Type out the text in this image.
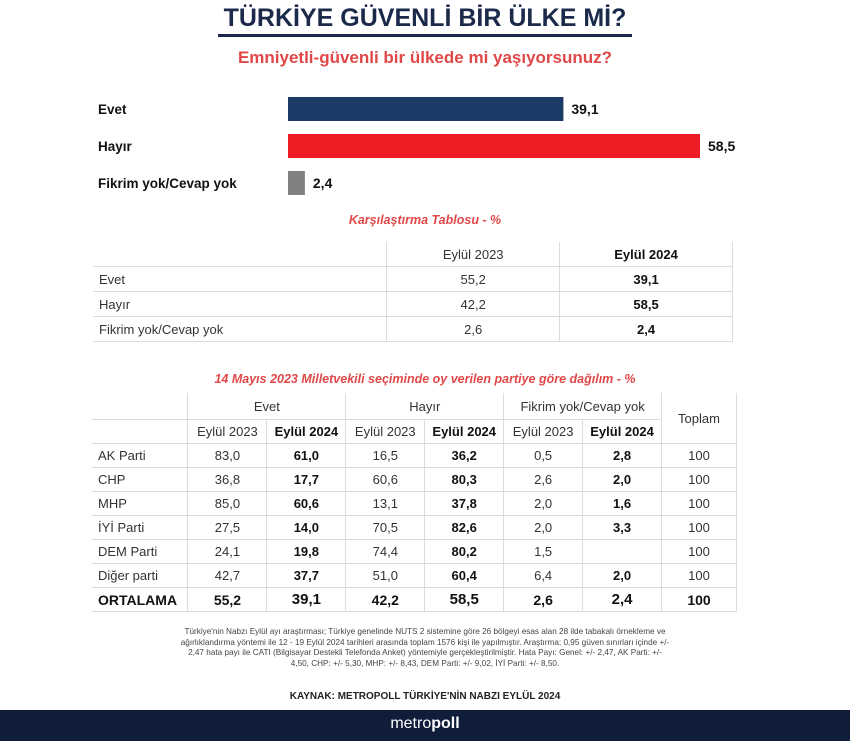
TÜRKİYE GÜVENLİ BİR ÜLKE Mİ?
Emniyetli-güvenli bir ülkede mi yaşıyorsunuz?
Evet	39,1
Hayır	58,5
Fikrim yok/Cevap yok	2,4
Karşılaştırma Tablosu - %
	Eylül 2023	Eylül 2024
Evet	55,2	39,1
Hayır	42,2	58,5
Fikrim yok/Cevap yok	2,6	2,4
14 Mayıs 2023 Milletvekili seçiminde oy verilen partiye göre dağılım - %
	Evet		Hayır		Fikrim yok/Cevap yok		Toplam
	Eylül 2023	Eylül 2024	Eylül 2023	Eylül 2024	Eylül 2023	Eylül 2024	
AK Parti	83,0	61,0	16,5	36,2	0,5	2,8	100
CHP	36,8	17,7	60,6	80,3	2,6	2,0	100
MHP	85,0	60,6	13,1	37,8	2,0	1,6	100
İYİ Parti	27,5	14,0	70,5	82,6	2,0	3,3	100
DEM Parti	24,1	19,8	74,4	80,2	1,5		100
Diğer parti	42,7	37,7	51,0	60,4	6,4	2,0	100
ORTALAMA	55,2	39,1	42,2	58,5	2,6	2,4	100
Türkiye'nin Nabzı Eylül ayı araştırması; Türkiye genelinde NUTS 2 sistemine göre 26 bölgeyi esas alan 28 ilde tabakalı örnekleme ve
ağırlıklandırma yöntemi ile 12 - 19 Eylül 2024 tarihleri arasında toplam 1576 kişi ile yapılmıştır. Araştırma; 0,95 güven sınırları içinde +/-
2,47 hata payı ile CATI (Bilgisayar Destekli Telefonda Anket) yöntemiyle gerçekleştirilmiştir. Hata Payı: Genel: +/- 2,47, AK Parti: +/-
4,50, CHP: +/- 5,30, MHP: +/- 8,43, DEM Parti: +/- 9,02, İYİ Parti: +/- 8,50.
KAYNAK: METROPOLL TÜRKİYE'NİN NABZI EYLÜL 2024
metropoll
